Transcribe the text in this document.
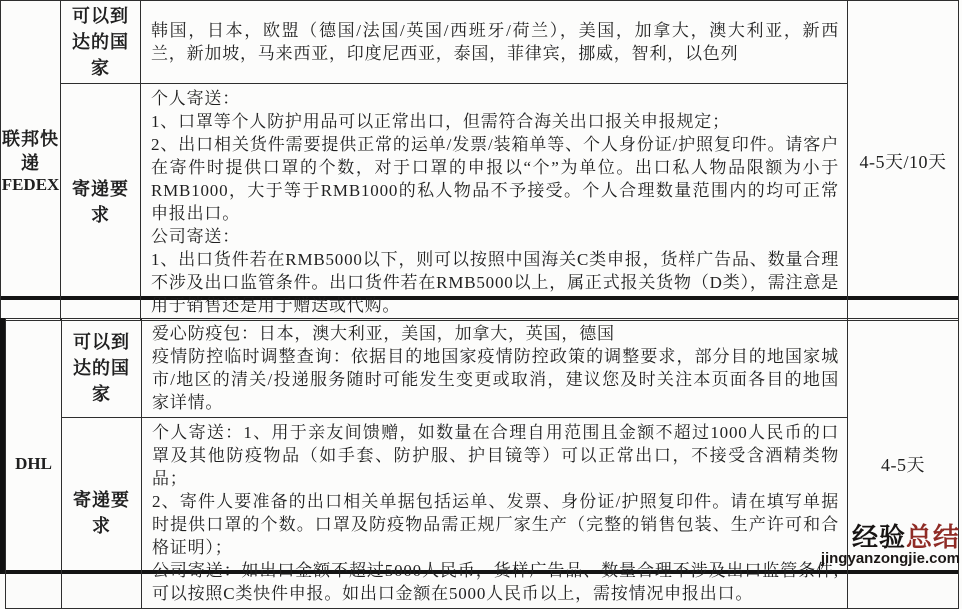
联邦快递
FEDEX	可以到达的国家	韩国，日本，欧盟（德国/法国/英国/西班牙/荷兰），美国，加拿大，澳大利亚，新西兰，新加坡，马来西亚，印度尼西亚，泰国，菲律宾，挪威，智利，以色列	4-5天/10天
	寄递要求	个人寄送：
1、口罩等个人防护用品可以正常出口，但需符合海关出口报关申报规定；
2、出口相关货件需要提供正常的运单/发票/装箱单等、个人身份证/护照复印件。请客户在寄件时提供口罩的个数，对于口罩的申报以“个”为单位。出口私人物品限额为小于RMB1000，大于等于RMB1000的私人物品不予接受。个人合理数量范围内的均可正常申报出口。
公司寄送：
1、出口货件若在RMB5000以下，则可以按照中国海关C类申报，货样广告品、数量合理不涉及出口监管条件。出口货件若在RMB5000以上，属正式报关货物（D类），需注意是用于销售还是用于赠送或代购。	
DHL	可以到达的国家	爱心防疫包：日本，澳大利亚，美国，加拿大，英国，德国
疫情防控临时调整查询：依据目的地国家疫情防控政策的调整要求，部分目的地国家城市/地区的清关/投递服务随时可能发生变更或取消，建议您及时关注本页面各目的地国家详情。	4-5天
	寄递要求	个人寄送：1、用于亲友间馈赠，如数量在合理自用范围且金额不超过1000人民币的口罩及其他防疫物品（如手套、防护服、护目镜等）可以正常出口，不接受含酒精类物品；
2、寄件人要准备的出口相关单据包括运单、发票、身份证/护照复印件。请在填写单据时提供口罩的个数。口罩及防疫物品需正规厂家生产（完整的销售包装、生产许可和合格证明）；
公司寄送：如出口金额不超过5000人民币，货样广告品、数量合理不涉及出口监管条件,可以按照C类快件申报。如出口金额在5000人民币以上，需按情况申报出口。	
经验总结
jingyanzongjie.com
